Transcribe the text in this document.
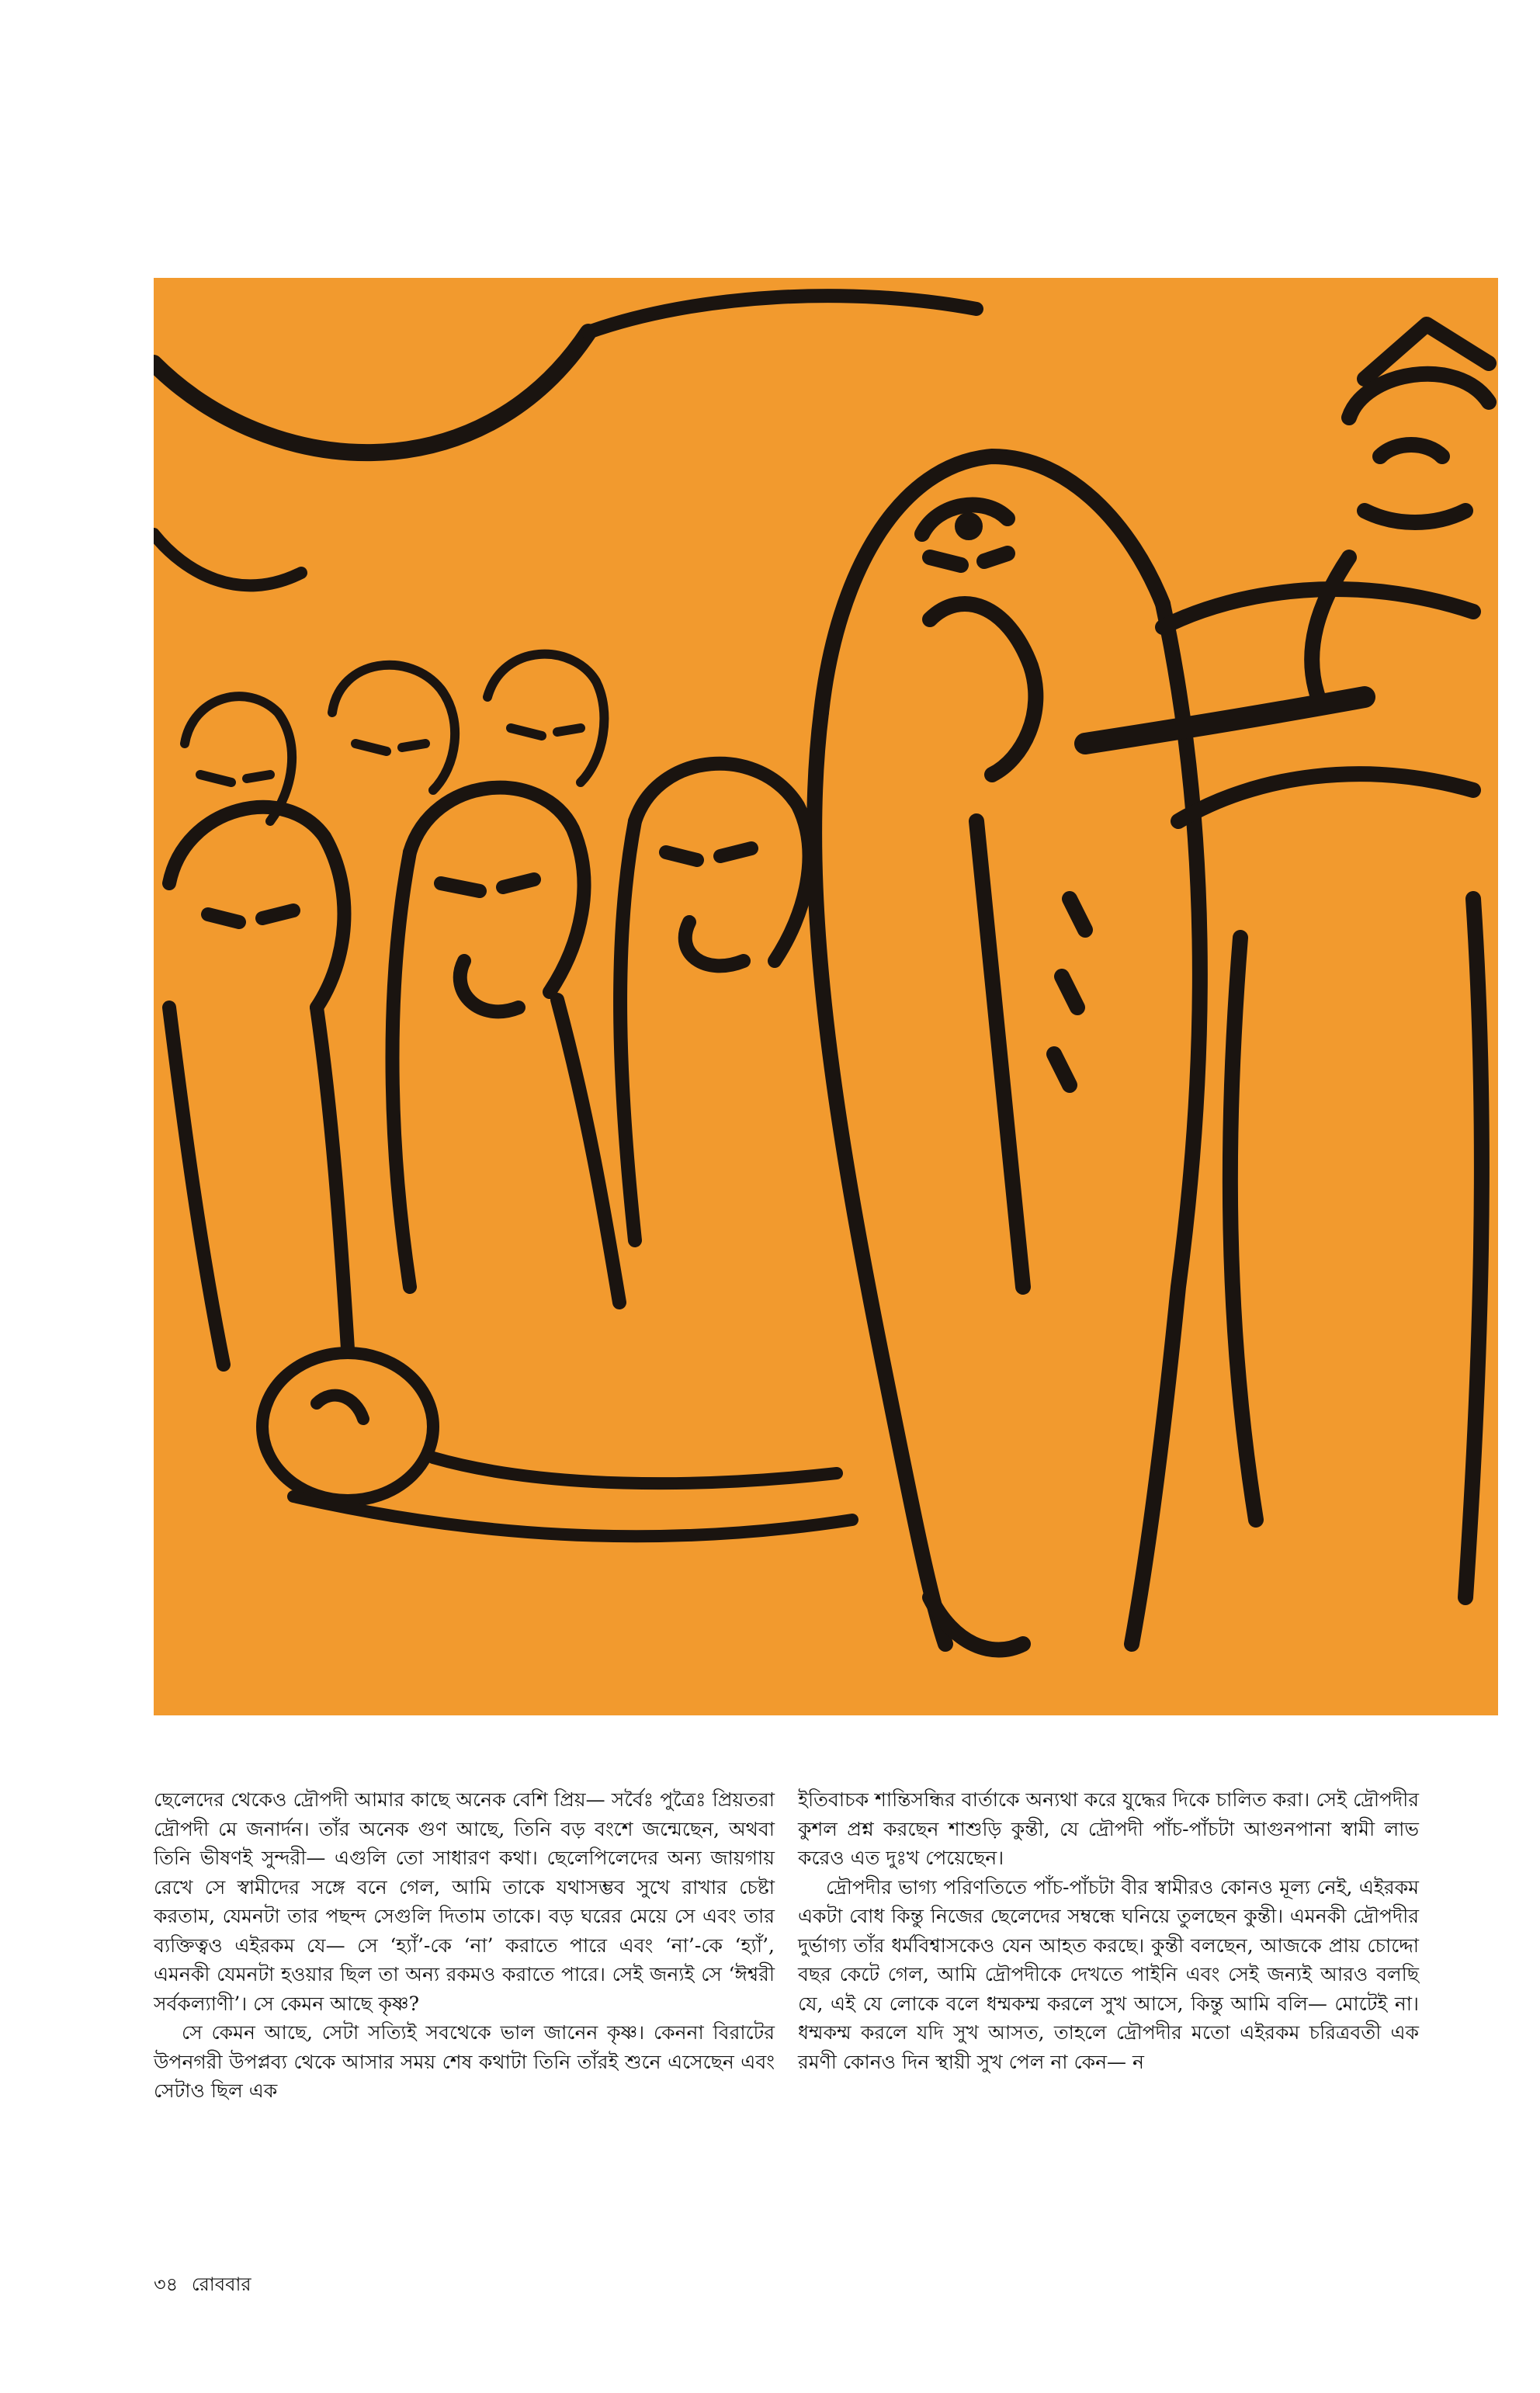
ছেলেদের থেকেও দ্রৌপদী আমার কাছে অনেক বেশি প্রিয়— সর্বৈঃ পুত্রৈঃ প্রিয়তরা দ্রৌপদী মে জনার্দন। তাঁর অনেক গুণ আছে, তিনি বড় বংশে জন্মেছেন, অথবা তিনি ভীষণই সুন্দরী— এগুলি তো সাধারণ কথা। ছেলেপিলেদের অন্য জায়গায় রেখে সে স্বামীদের সঙ্গে বনে গেল, আমি তাকে যথাসম্ভব সুখে রাখার চেষ্টা করতাম, যেমনটা তার পছন্দ সেগুলি দিতাম তাকে। বড় ঘরের মেয়ে সে এবং তার ব্যক্তিত্বও এইরকম যে— সে ‘হ্যাঁ’-কে ‘না’ করাতে পারে এবং ‘না’-কে ‘হ্যাঁ’, এমনকী যেমনটা হওয়ার ছিল তা অন্য রকমও করাতে পারে। সেই জন্যই সে ‘ঈশ্বরী সর্বকল্যাণী’। সে কেমন আছে কৃষ্ণ?

সে কেমন আছে, সেটা সত্যিই সবথেকে ভাল জানেন কৃষ্ণ। কেননা বিরাটের উপনগরী উপপ্লব্য থেকে আসার সময় শেষ কথাটা তিনি তাঁরই শুনে এসেছেন এবং সেটাও ছিল এক

ইতিবাচক শান্তিসন্ধির বার্তাকে অন্যথা করে যুদ্ধের দিকে চালিত করা। সেই দ্রৌপদীর কুশল প্রশ্ন করছেন শাশুড়ি কুন্তী, যে দ্রৌপদী পাঁচ-পাঁচটা আগুনপানা স্বামী লাভ করেও এত দুঃখ পেয়েছেন।

দ্রৌপদীর ভাগ্য পরিণতিতে পাঁচ-পাঁচটা বীর স্বামীরও কোনও মূল্য নেই, এইরকম একটা বোধ কিন্তু নিজের ছেলেদের সম্বন্ধে ঘনিয়ে তুলছেন কুন্তী। এমনকী দ্রৌপদীর দুর্ভাগ্য তাঁর ধর্মবিশ্বাসকেও যেন আহত করছে। কুন্তী বলছেন, আজকে প্রায় চোদ্দো বছর কেটে গেল, আমি দ্রৌপদীকে দেখতে পাইনি এবং সেই জন্যই আরও বলছি যে, এই যে লোকে বলে ধম্মকম্ম করলে সুখ আসে, কিন্তু আমি বলি— মোটেই না। ধম্মকম্ম করলে যদি সুখ আসত, তাহলে দ্রৌপদীর মতো এইরকম চরিত্রবতী এক রমণী কোনও দিন স্থায়ী সুখ পেল না কেন— ন

৩৪ রোববার
